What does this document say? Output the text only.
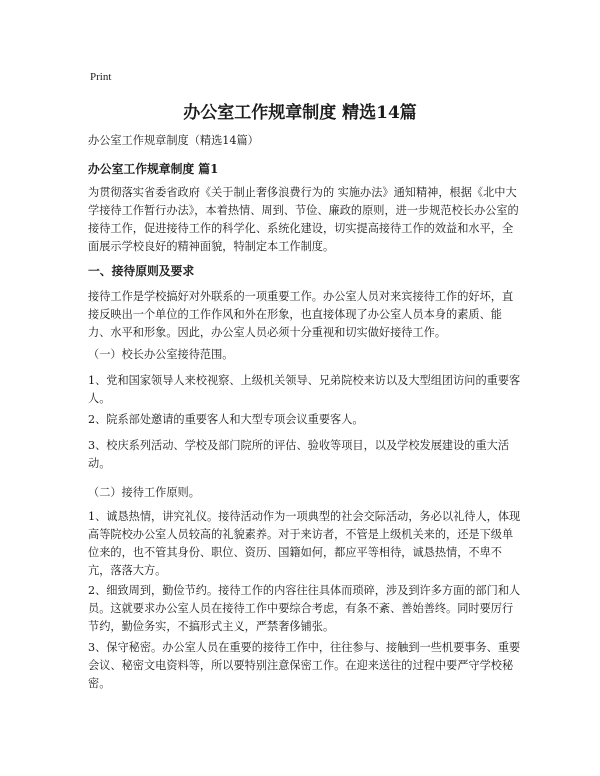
Print
办公室工作规章制度 精选14篇

办公室工作规章制度（精选14篇）

办公室工作规章制度 篇1

为贯彻落实省委省政府《关于制止奢侈浪费行为的 实施办法》通知精神，根据《北中大学接待工作暂行办法》，本着热情、周到、节俭、廉政的原则，进一步规范校长办公室的接待工作，促进接待工作的科学化、系统化建设，切实提高接待工作的效益和水平，全面展示学校良好的精神面貌，特制定本工作制度。

一、接待原则及要求

接待工作是学校搞好对外联系的一项重要工作。办公室人员对来宾接待工作的好坏，直接反映出一个单位的工作作风和外在形象，也直接体现了办公室人员本身的素质、能力、水平和形象。因此，办公室人员必须十分重视和切实做好接待工作。

（一）校长办公室接待范围。

1、党和国家领导人来校视察、上级机关领导、兄弟院校来访以及大型组团访问的重要客人。

2、院系部处邀请的重要客人和大型专项会议重要客人。

3、校庆系列活动、学校及部门院所的评估、验收等项目，以及学校发展建设的重大活动。

（二）接待工作原则。

1、诚恳热情，讲究礼仪。接待活动作为一项典型的社会交际活动，务必以礼待人，体现高等院校办公室人员较高的礼貌素养。对于来访者，不管是上级机关来的，还是下级单位来的，也不管其身份、职位、资历、国籍如何，都应平等相待，诚恳热情，不卑不亢，落落大方。

2、细致周到，勤俭节约。接待工作的内容往往具体而琐碎，涉及到许多方面的部门和人员。这就要求办公室人员在接待工作中要综合考虑，有条不紊、善始善终。同时要厉行节约，勤俭务实，不搞形式主义，严禁奢侈铺张。

3、保守秘密。办公室人员在重要的接待工作中，往往参与、接触到一些机要事务、重要会议、秘密文电资料等，所以要特别注意保密工作。在迎来送往的过程中要严守学校秘密。
